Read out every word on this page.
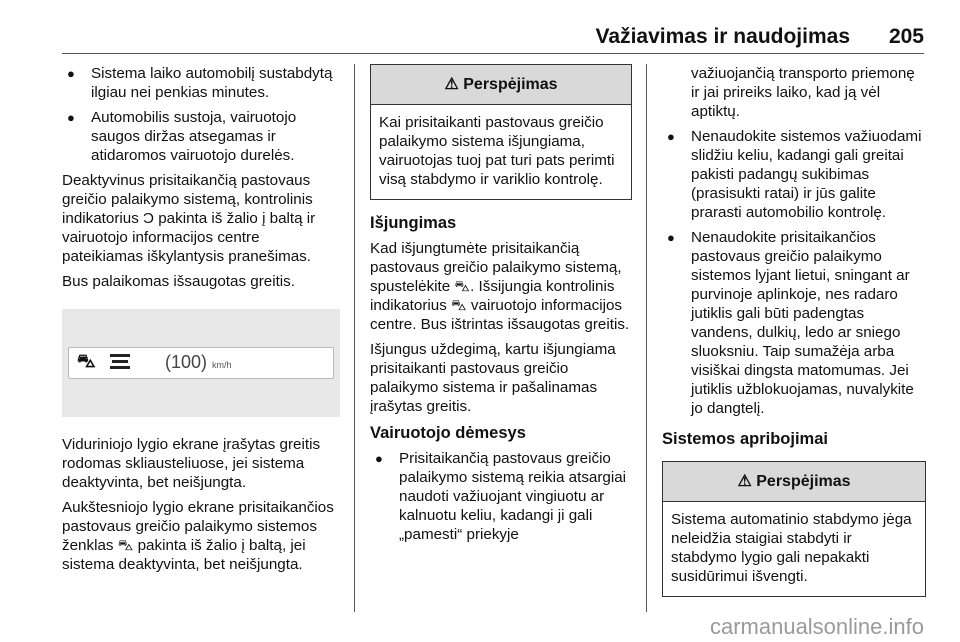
Važiavimas ir naudojimas 205
● Sistema laiko automobilį sustabdytą ilgiau nei penkias minutes.
● Automobilis sustoja, vairuotojo saugos diržas atsegamas ir atidaromos vairuotojo durelės.

Deaktyvinus prisitaikančią pastovaus greičio palaikymo sistemą, kontrolinis indikatorius Ɔ pakinta iš žalio į baltą ir vairuotojo informacijos centre pateikiamas iškylantysis pranešimas.

Bus palaikomas išsaugotas greitis.

⛍	(100) km/h

Viduriniojo lygio ekrane įrašytas greitis rodomas skliausteliuose, jei sistema deaktyvinta, bet neišjungta.

Aukštesniojo lygio ekrane prisitaikančios pastovaus greičio palaikymo sistemos ženklas ⛍ pakinta iš žalio į baltą, jei sistema deaktyvinta, bet neišjungta.

⚠ Perspėjimas
Kai prisitaikanti pastovaus greičio palaikymo sistema išjungiama, vairuotojas tuoj pat turi pats perimti visą stabdymo ir variklio kontrolę.
Išjungimas

Kad išjungtumėte prisitaikančią pastovaus greičio palaikymo sistemą, spustelėkite ⛍. Išsijungia kontrolinis indikatorius ⛍ vairuotojo informacijos centre. Bus ištrintas išsaugotas greitis.

Išjungus uždegimą, kartu išjungiama prisitaikanti pastovaus greičio palaikymo sistema ir pašalinamas įrašytas greitis.

Vairuotojo dėmesys
● Prisitaikančią pastovaus greičio palaikymo sistemą reikia atsargiai naudoti važiuojant vingiuotu ar kalnuotu keliu, kadangi ji gali „pamesti“ priekyje

važiuojančią transporto priemonę ir jai prireiks laiko, kad ją vėl aptiktų.

● Nenaudokite sistemos važiuodami slidžiu keliu, kadangi gali greitai pakisti padangų sukibimas (prasisukti ratai) ir jūs galite prarasti automobilio kontrolę.
● Nenaudokite prisitaikančios pastovaus greičio palaikymo sistemos lyjant lietui, sningant ar purvinoje aplinkoje, nes radaro jutiklis gali būti padengtas vandens, dulkių, ledo ar sniego sluoksniu. Taip sumažėja arba visiškai dingsta matomumas. Jei jutiklis užblokuojamas, nuvalykite jo dangtelį.
Sistemos apribojimai
⚠ Perspėjimas
Sistema automatinio stabdymo jėga neleidžia staigiai stabdyti ir stabdymo lygio gali nepakakti susidūrimui išvengti.
carmanualsonline.info
